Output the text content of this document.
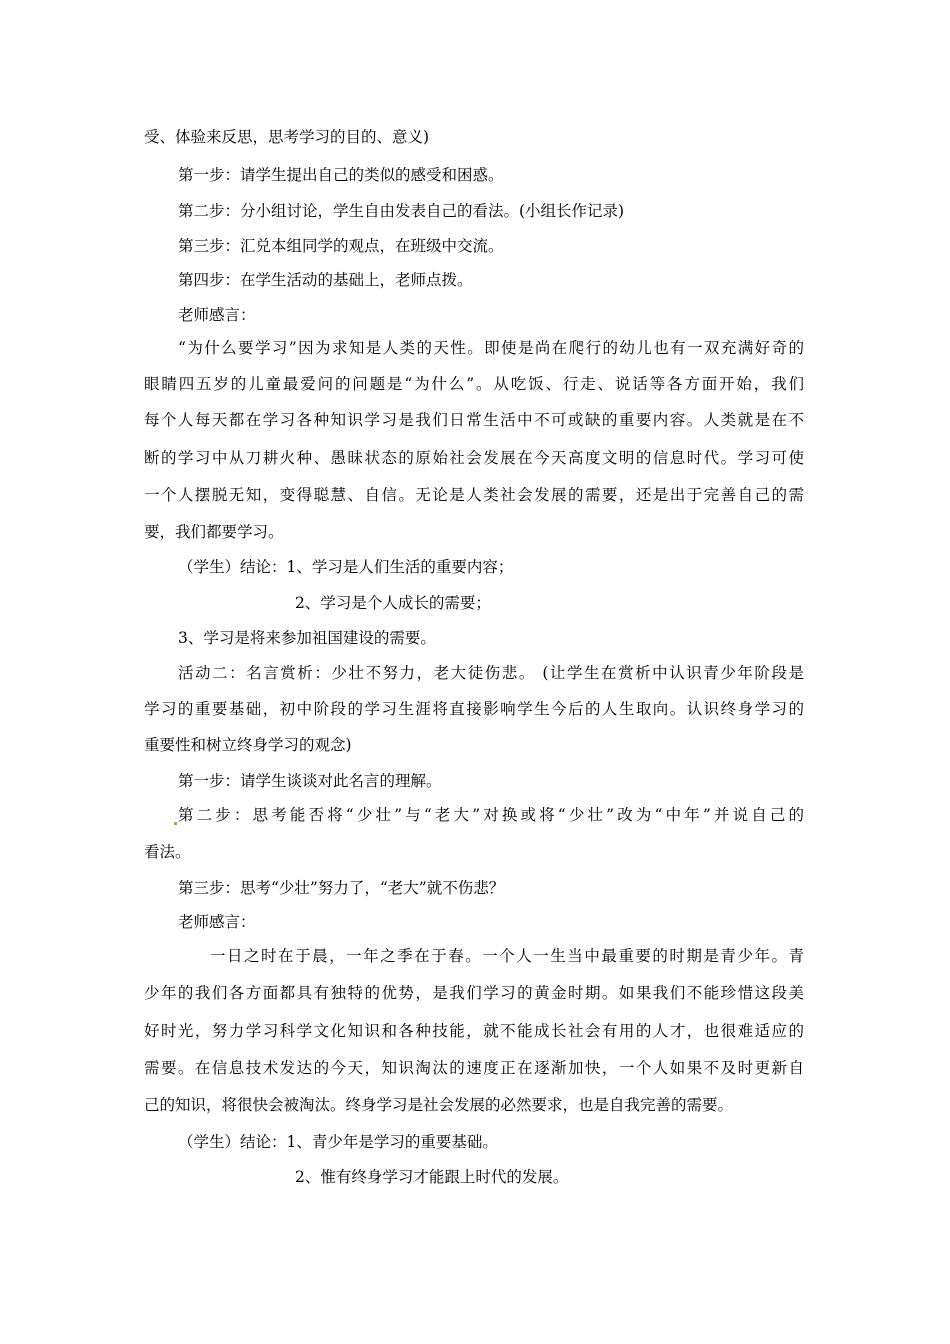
受、体验来反思，思考学习的目的、意义)
第一步：请学生提出自己的类似的感受和困惑。
第二步：分小组讨论，学生自由发表自己的看法。(小组长作记录)
第三步：汇兑本组同学的观点，在班级中交流。
第四步：在学生活动的基础上，老师点拨。
老师感言：
“为什么要学习”因为求知是人类的天性。即使是尚在爬行的幼儿也有一双充满好奇的
眼睛四五岁的儿童最爱问的问题是“为什么”。从吃饭、行走、说话等各方面开始，我们
每个人每天都在学习各种知识学习是我们日常生活中不可或缺的重要内容。人类就是在不
断的学习中从刀耕火种、愚昧状态的原始社会发展在今天高度文明的信息时代。学习可使
一个人摆脱无知，变得聪慧、自信。无论是人类社会发展的需要，还是出于完善自己的需
要，我们都要学习。
（学生）结论：1、学习是人们生活的重要内容；
2、学习是个人成长的需要；
3、学习是将来参加祖国建设的需要。
活动二：名言赏析：少壮不努力，老大徒伤悲。 (让学生在赏析中认识青少年阶段是
学习的重要基础，初中阶段的学习生涯将直接影响学生今后的人生取向。认识终身学习的
重要性和树立终身学习的观念)
第一步：请学生谈谈对此名言的理解。
第二步：思考能否将“少壮”与“老大”对换或将“少壮”改为“中年”并说自己的
看法。
第三步：思考“少壮”努力了，“老大”就不伤悲？
老师感言：
一日之时在于晨，一年之季在于春。一个人一生当中最重要的时期是青少年。青
少年的我们各方面都具有独特的优势，是我们学习的黄金时期。如果我们不能珍惜这段美
好时光，努力学习科学文化知识和各种技能，就不能成长社会有用的人才，也很难适应的
需要。在信息技术发达的今天，知识淘汰的速度正在逐渐加快，一个人如果不及时更新自
己的知识，将很快会被淘汰。终身学习是社会发展的必然要求，也是自我完善的需要。
（学生）结论：1、青少年是学习的重要基础。
2、惟有终身学习才能跟上时代的发展。
